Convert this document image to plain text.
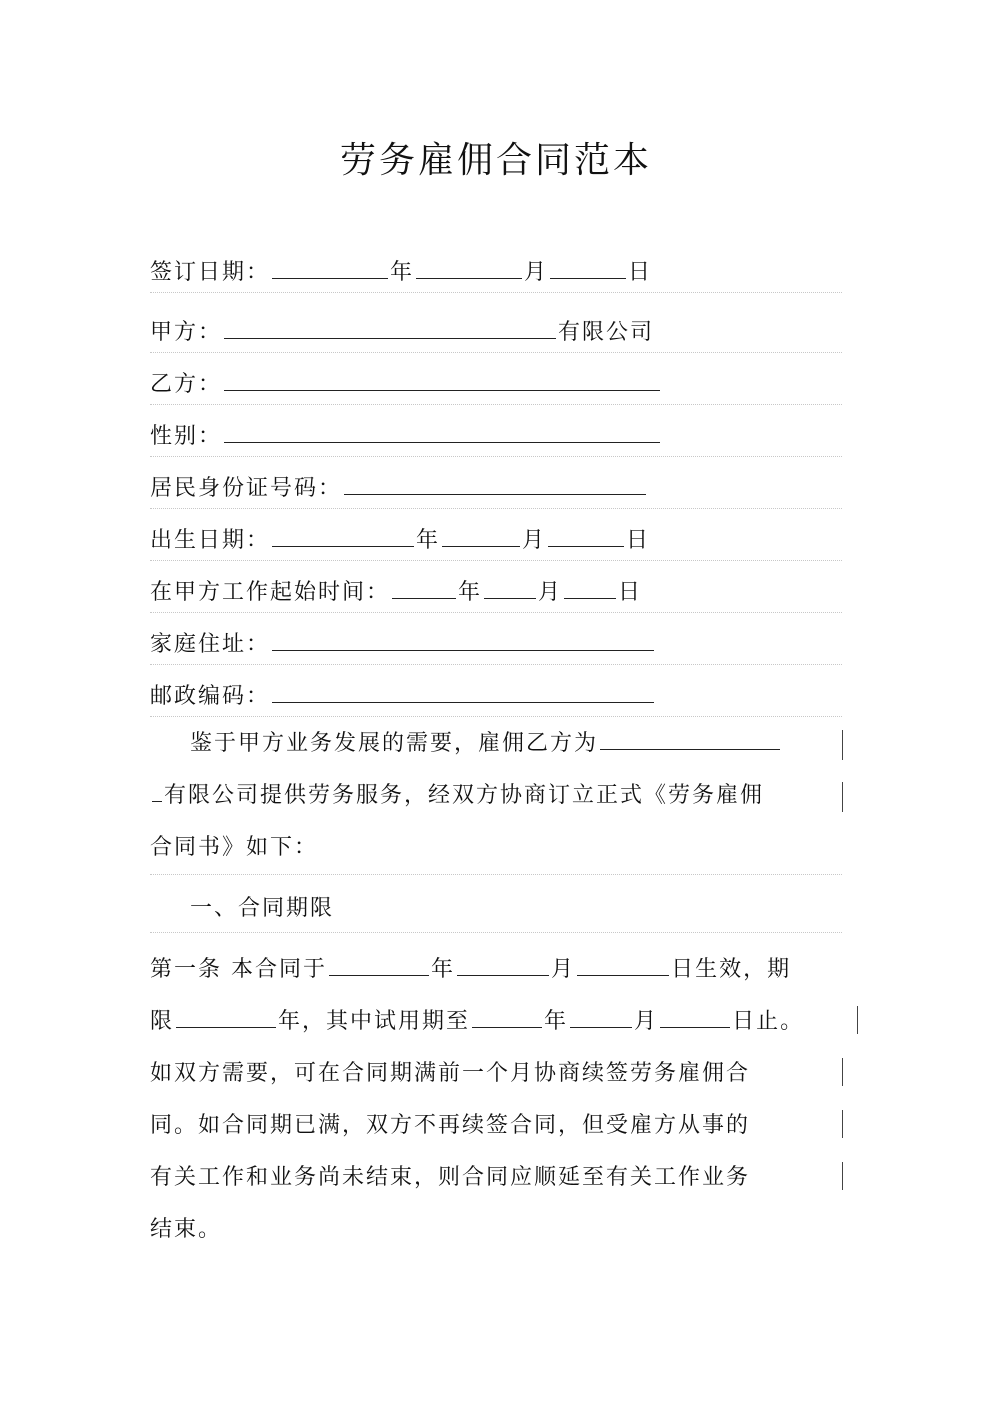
劳务雇佣合同范本
签订日期：	年	月	日
甲方：	有限公司
乙方：
性别：
居民身份证号码：
出生日期：	年	月	日
在甲方工作起始时间：	年	月	日
家庭住址：
邮政编码：

鉴于甲方业务发展的需要，雇佣乙方为

有限公司提供劳务服务，经双方协商订立正式《劳务雇佣

合同书》如下：

一、合同期限

第一条 本合同于	年	月	日生效，期

限	年，其中试用期至	年	月	日止。

如双方需要，可在合同期满前一个月协商续签劳务雇佣合

同。如合同期已满，双方不再续签合同，但受雇方从事的

有关工作和业务尚未结束，则合同应顺延至有关工作业务

结束。
